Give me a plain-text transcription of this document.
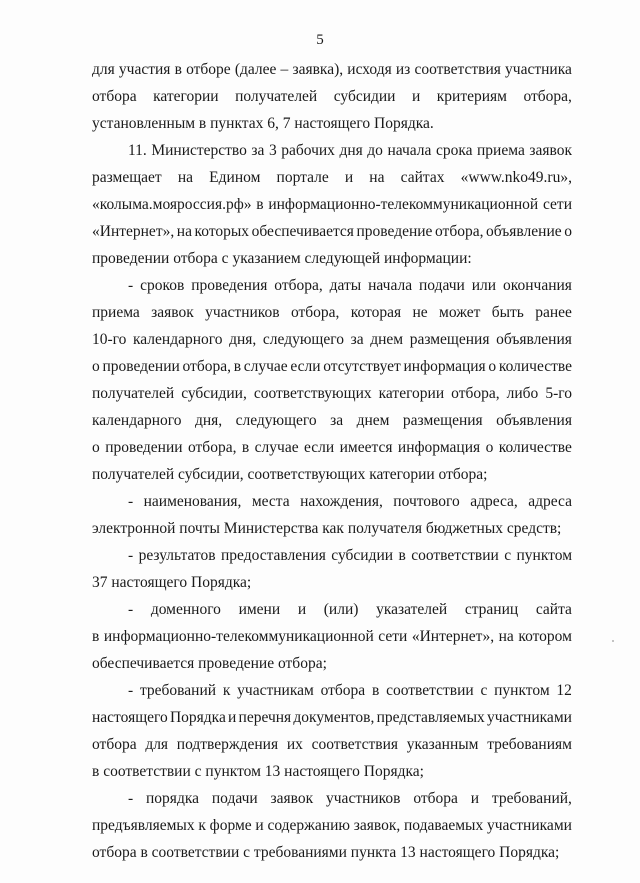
5
для участия в отборе (далее – заявка), исходя из соответствия участника
отбора категории получателей субсидии и критериям отбора,
установленным в пунктах 6, 7 настоящего Порядка.
11. Министерство за 3 рабочих дня до начала срока приема заявок
размещает на Едином портале и на сайтах «www.nko49.ru»,
«колыма.мояроссия.рф» в информационно-телекоммуникационной сети
«Интернет», на которых обеспечивается проведение отбора, объявление о
проведении отбора с указанием следующей информации:
- сроков проведения отбора, даты начала подачи или окончания
приема заявок участников отбора, которая не может быть ранее
10-го календарного дня, следующего за днем размещения объявления
о проведении отбора, в случае если отсутствует информация о количестве
получателей субсидии, соответствующих категории отбора, либо 5-го
календарного дня, следующего за днем размещения объявления
о проведении отбора, в случае если имеется информация о количестве
получателей субсидии, соответствующих категории отбора;
- наименования, места нахождения, почтового адреса, адреса
электронной почты Министерства как получателя бюджетных средств;
- результатов предоставления субсидии в соответствии с пунктом
37 настоящего Порядка;
- доменного имени и (или) указателей страниц сайта
в информационно-телекоммуникационной сети «Интернет», на котором
обеспечивается проведение отбора;
- требований к участникам отбора в соответствии с пунктом 12
настоящего Порядка и перечня документов, представляемых участниками
отбора для подтверждения их соответствия указанным требованиям
в соответствии с пунктом 13 настоящего Порядка;
- порядка подачи заявок участников отбора и требований,
предъявляемых к форме и содержанию заявок, подаваемых участниками
отбора в соответствии с требованиями пункта 13 настоящего Порядка;
